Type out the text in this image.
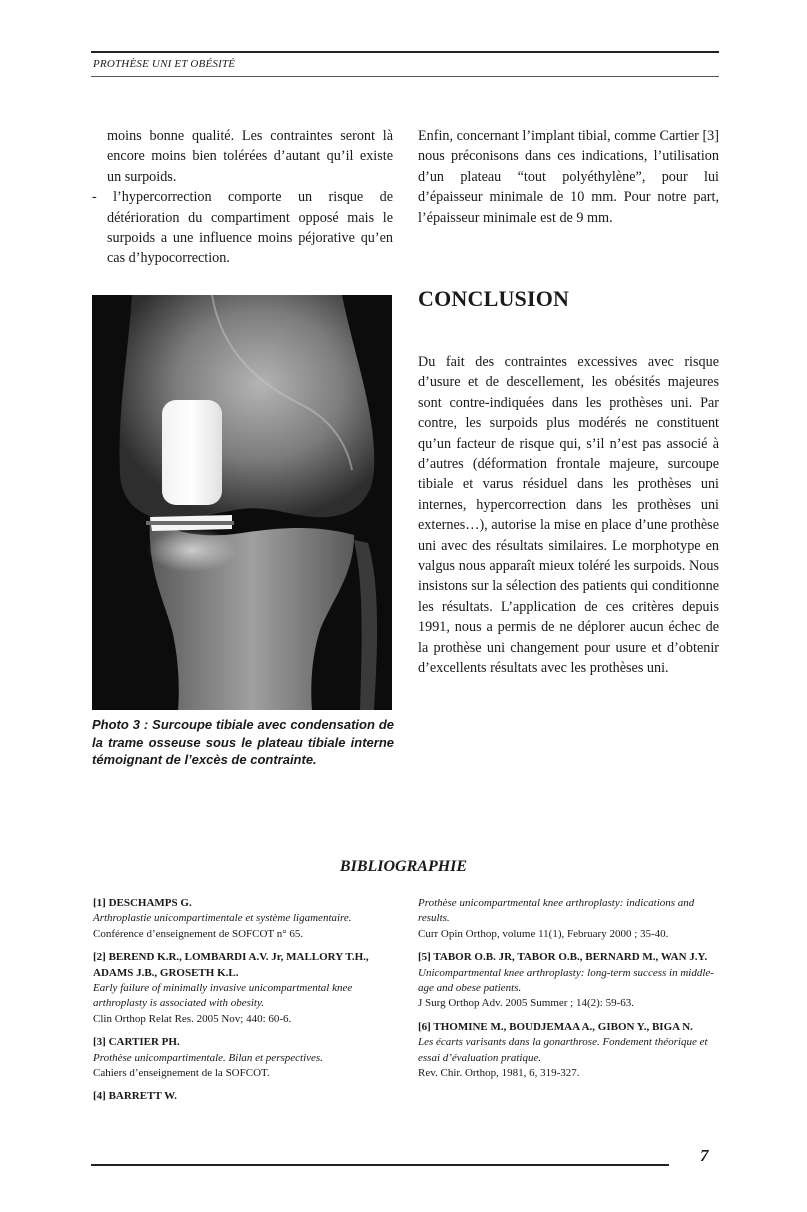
PROTHÈSE UNI ET OBÉSITÉ

moins bonne qualité. Les contraintes seront là encore moins bien tolérées d’autant qu’il existe un surpoids.

- l’hypercorrection comporte un risque de détérioration du compartiment opposé mais le surpoids a une influence moins péjorative qu’en cas d’hypocorrection.

Enfin, concernant l’implant tibial, comme Cartier [3] nous préconisons dans ces indications, l’utilisation d’un plateau “tout polyéthylène”, pour lui d’épaisseur minimale de 10 mm. Pour notre part, l’épaisseur minimale est de 9 mm.

CONCLUSION

Du fait des contraintes excessives avec risque d’usure et de descellement, les obésités majeures sont contre-indiquées dans les prothèses uni. Par contre, les surpoids plus modérés ne constituent qu’un facteur de risque qui, s’il n’est pas associé à d’autres (déformation frontale majeure, surcoupe tibiale et varus résiduel dans les prothèses uni internes, hypercorrection dans les prothèses uni externes…), autorise la mise en place d’une prothèse uni avec des résultats similaires. Le morphotype en valgus nous apparaît mieux toléré les surpoids. Nous insistons sur la sélection des patients qui conditionne les résultats. L’application de ces critères depuis 1991, nous a permis de ne déplorer aucun échec de la prothèse uni changement pour usure et d’obtenir d’excellents résultats avec les prothèses uni.

Photo 3 : Surcoupe tibiale avec condensation de la trame osseuse sous le plateau tibiale interne témoignant de l’excès de contrainte.
BIBLIOGRAPHIE
[1] DESCHAMPS G.
Arthroplastie unicompartimentale et système ligamentaire.
Conférence d’enseignement de SOFCOT n° 65.
[2] BEREND K.R., LOMBARDI A.V. Jr, MALLORY T.H., ADAMS J.B., GROSETH K.L.
Early failure of minimally invasive unicompartmental knee arthroplasty is associated with obesity.
Clin Orthop Relat Res. 2005 Nov; 440: 60-6.
[3] CARTIER PH.
Prothèse unicompartimentale. Bilan et perspectives.
Cahiers d’enseignement de la SOFCOT.
[4] BARRETT W.
Prothèse unicompartmental knee arthroplasty: indications and results.
Curr Opin Orthop, volume 11(1), February 2000 ; 35-40.
[5] TABOR O.B. JR, TABOR O.B., BERNARD M., WAN J.Y.
Unicompartmental knee arthroplasty: long-term success in middle-age and obese patients.
J Surg Orthop Adv. 2005 Summer ; 14(2): 59-63.
[6] THOMINE M., BOUDJEMAA A., GIBON Y., BIGA N.
Les écarts varisants dans la gonarthrose. Fondement théorique et essai d’évaluation pratique.
Rev. Chir. Orthop, 1981, 6, 319-327.
7
